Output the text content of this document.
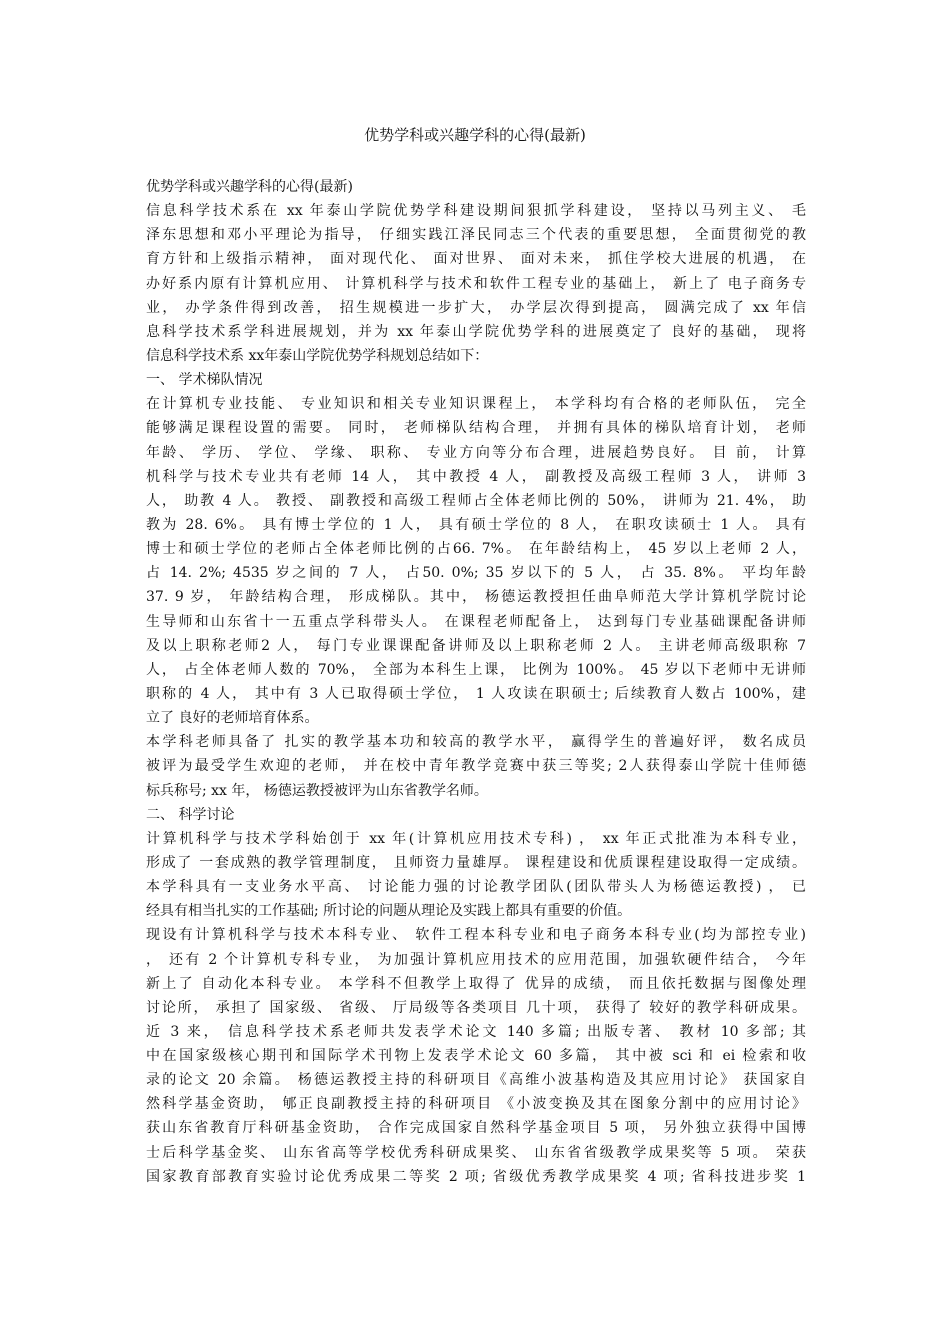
优势学科或兴趣学科的心得(最新)
优势学科或兴趣学科的心得(最新)
信息科学技术系在 xx 年泰山学院优势学科建设期间狠抓学科建设， 坚持以马列主义、 毛
泽东思想和邓小平理论为指导， 仔细实践江泽民同志三个代表的重要思想， 全面贯彻党的教
育方针和上级指示精神， 面对现代化、 面对世界、 面对未来， 抓住学校大进展的机遇， 在
办好系内原有计算机应用、 计算机科学与技术和软件工程专业的基础上， 新上了 电子商务专
业， 办学条件得到改善， 招生规模进一步扩大， 办学层次得到提高， 圆满完成了 xx 年信
息科学技术系学科进展规划，并为 xx 年泰山学院优势学科的进展奠定了 良好的基础， 现将
信息科学技术系 xx年泰山学院优势学科规划总结如下：
一、 学术梯队情况
在计算机专业技能、 专业知识和相关专业知识课程上， 本学科均有合格的老师队伍， 完全
能够满足课程设置的需要。 同时， 老师梯队结构合理， 并拥有具体的梯队培育计划， 老师
年龄、 学历、 学位、 学缘、 职称、 专业方向等分布合理，进展趋势良好。 目 前， 计算
机科学与技术专业共有老师 14 人， 其中教授 4 人， 副教授及高级工程师 3 人， 讲师 3
人， 助教 4 人。 教授、 副教授和高级工程师占全体老师比例的 50%， 讲师为 21. 4%， 助
教为 28. 6%。 具有博士学位的 1 人， 具有硕士学位的 8 人， 在职攻读硕士 1 人。 具有
博士和硕士学位的老师占全体老师比例的占66. 7%。 在年龄结构上， 45 岁以上老师 2 人，
占 14. 2%; 4535 岁之间的 7 人， 占50. 0%; 35 岁以下的 5 人， 占 35. 8%。 平均年龄
37. 9 岁， 年龄结构合理， 形成梯队。其中， 杨德运教授担任曲阜师范大学计算机学院讨论
生导师和山东省十一五重点学科带头人。 在课程老师配备上， 达到每门专业基础课配备讲师
及以上职称老师2 人， 每门专业课课配备讲师及以上职称老师 2 人。 主讲老师高级职称 7
人， 占全体老师人数的 70%， 全部为本科生上课， 比例为 100%。 45 岁以下老师中无讲师
职称的 4 人， 其中有 3 人已取得硕士学位， 1 人攻读在职硕士; 后续教育人数占 100%，建
立了 良好的老师培育体系。
本学科老师具备了 扎实的教学基本功和较高的教学水平， 赢得学生的普遍好评， 数名成员
被评为最受学生欢迎的老师， 并在校中青年教学竞赛中获三等奖; 2人获得泰山学院十佳师德
标兵称号; xx 年， 杨德运教授被评为山东省教学名师。
二、 科学讨论
计算机科学与技术学科始创于 xx 年(计算机应用技术专科) ， xx 年正式批准为本科专业，
形成了 一套成熟的教学管理制度， 且师资力量雄厚。 课程建设和优质课程建设取得一定成绩。
本学科具有一支业务水平高、 讨论能力强的讨论教学团队(团队带头人为杨德运教授) ， 已
经具有相当扎实的工作基础; 所讨论的问题从理论及实践上都具有重要的价值。
现设有计算机科学与技术本科专业、 软件工程本科专业和电子商务本科专业(均为部控专业)
， 还有 2 个计算机专科专业， 为加强计算机应用技术的应用范围，加强软硬件结合， 今年
新上了 自动化本科专业。 本学科不但教学上取得了 优异的成绩， 而且依托数据与图像处理
讨论所， 承担了 国家级、 省级、 厅局级等各类项目 几十项， 获得了 较好的教学科研成果。
近 3 来， 信息科学技术系老师共发表学术论文 140 多篇; 出版专著、 教材 10 多部; 其
中在国家级核心期刊和国际学术刊物上发表学术论文 60 多篇， 其中被 sci 和 ei 检索和收
录的论文 20 余篇。 杨德运教授主持的科研项目《高维小波基构造及其应用讨论》 获国家自
然科学基金资助， 郇正良副教授主持的科研项目 《小波变换及其在图象分割中的应用讨论》
获山东省教育厅科研基金资助， 合作完成国家自然科学基金项目 5 项， 另外独立获得中国博
士后科学基金奖、 山东省高等学校优秀科研成果奖、 山东省省级教学成果奖等 5 项。 荣获
国家教育部教育实验讨论优秀成果二等奖 2 项; 省级优秀教学成果奖 4 项; 省科技进步奖 1
